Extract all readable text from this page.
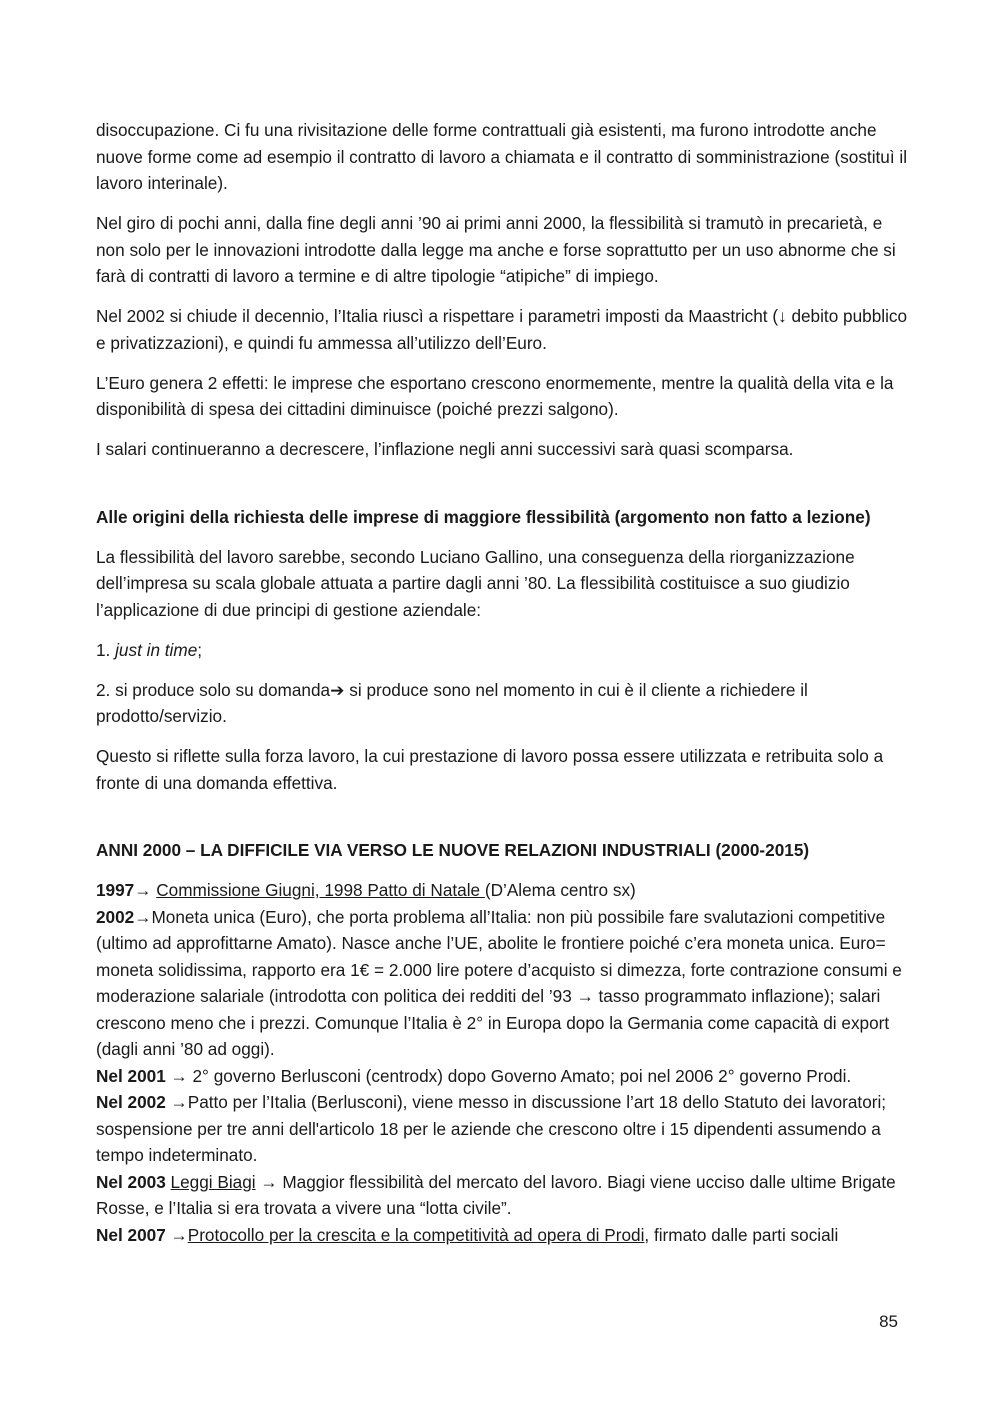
disoccupazione. Ci fu una rivisitazione delle forme contrattuali già esistenti, ma furono introdotte anche nuove forme come ad esempio il contratto di lavoro a chiamata e il contratto di somministrazione (sostituì il lavoro interinale).

Nel giro di pochi anni, dalla fine degli anni ’90 ai primi anni 2000, la flessibilità si tramutò in precarietà, e non solo per le innovazioni introdotte dalla legge ma anche e forse soprattutto per un uso abnorme che si farà di contratti di lavoro a termine e di altre tipologie “atipiche” di impiego.

Nel 2002 si chiude il decennio, l’Italia riuscì a rispettare i parametri imposti da Maastricht (↓ debito pubblico e privatizzazioni), e quindi fu ammessa all’utilizzo dell’Euro.

L’Euro genera 2 effetti: le imprese che esportano crescono enormemente, mentre la qualità della vita e la disponibilità di spesa dei cittadini diminuisce (poiché prezzi salgono).

I salari continueranno a decrescere, l’inflazione negli anni successivi sarà quasi scomparsa.

Alle origini della richiesta delle imprese di maggiore flessibilità (argomento non fatto a lezione)

La flessibilità del lavoro sarebbe, secondo Luciano Gallino, una conseguenza della riorganizzazione dell’impresa su scala globale attuata a partire dagli anni ’80. La flessibilità costituisce a suo giudizio l’applicazione di due principi di gestione aziendale:

1. just in time;

2. si produce solo su domanda➔ si produce sono nel momento in cui è il cliente a richiedere il prodotto/servizio.

Questo si riflette sulla forza lavoro, la cui prestazione di lavoro possa essere utilizzata e retribuita solo a fronte di una domanda effettiva.

ANNI 2000 – LA DIFFICILE VIA VERSO LE NUOVE RELAZIONI INDUSTRIALI (2000-2015)

1997→ Commissione Giugni, 1998 Patto di Natale (D’Alema centro sx)

2002→Moneta unica (Euro), che porta problema all’Italia: non più possibile fare svalutazioni competitive (ultimo ad approfittarne Amato). Nasce anche l’UE, abolite le frontiere poiché c’era moneta unica. Euro= moneta solidissima, rapporto era 1€ = 2.000 lire potere d’acquisto si dimezza, forte contrazione consumi e moderazione salariale (introdotta con politica dei redditi del ’93 → tasso programmato inflazione); salari crescono meno che i prezzi. Comunque l’Italia è 2° in Europa dopo la Germania come capacità di export (dagli anni ’80 ad oggi).

Nel 2001 → 2° governo Berlusconi (centrodx) dopo Governo Amato; poi nel 2006 2° governo Prodi.

Nel 2002 →Patto per l’Italia (Berlusconi), viene messo in discussione l’art 18 dello Statuto dei lavoratori; sospensione per tre anni dell'articolo 18 per le aziende che crescono oltre i 15 dipendenti assumendo a tempo indeterminato.

Nel 2003 Leggi Biagi → Maggior flessibilità del mercato del lavoro. Biagi viene ucciso dalle ultime Brigate Rosse, e l’Italia si era trovata a vivere una “lotta civile”.

Nel 2007 →Protocollo per la crescita e la competitività ad opera di Prodi, firmato dalle parti sociali

85
